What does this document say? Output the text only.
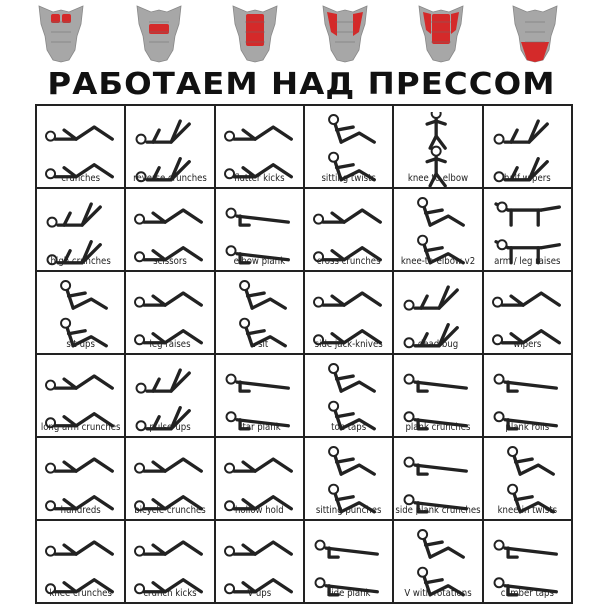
РАБОТАЕМ НАД ПРЕССОМ
crunches	reverse crunches	flutter kicks	sitting twists	knee to elbow	half wipers
high crunches	scissors	elbow plank	cross crunches	knee-to-elbow v2	arm / leg raises
sit-ups	leg raises	L-sit	side jack-knives	dead bug	wipers
long arm crunches	pulse-ups	star plank	toe taps	plank crunches	plank rolls
hundreds	bicycle crunches	hollow hold	sitting punches	side plank crunches	knee-in twists
knee crunches	crunch kicks	V-ups	side plank	V with rotations	climber taps
